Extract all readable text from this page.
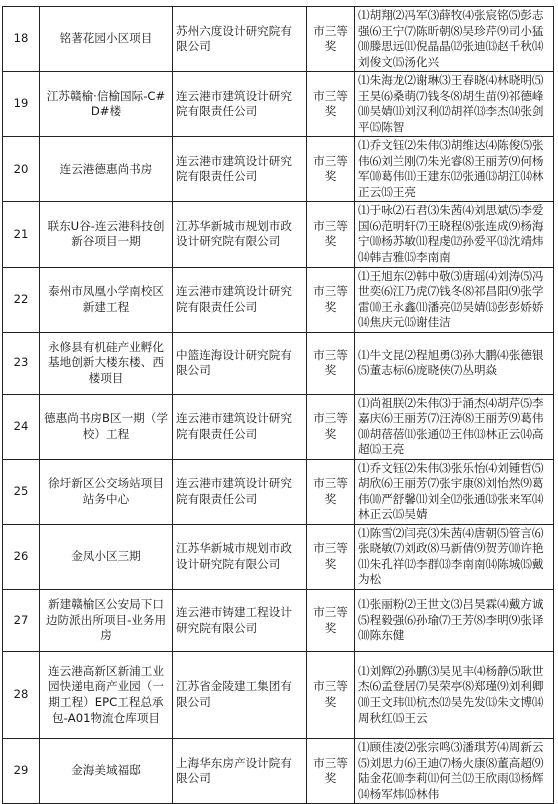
18	铭著花园小区项目	苏州六度设计研究院有限公司	市三等奖	⑴胡翔⑵冯军⑶薛牧⑷张宸铭⑸彭志强⑹王宁⑺陈昕朝⑻吴珍芹⑼司小猛⑽滕思远⑾倪晶晶⑿张迪⒀赵千秋⒁刘俊文⒂汤化兴
19	江苏赣榆·信榆国际-C#D#楼	连云港市建筑设计研究院有限责任公司	市三等奖	⑴朱海龙⑵谢琳⑶王春晓⑷林晓明⑸王昊⑹桑萌⑺钱冬⑻胡生苗⑼祁德峰⑽吴婧⑾刘汉利⑿胡祥⒀李杰⒁张剑平⒂陈智
20	连云港德惠尚书房	连云港市建筑设计研究院有限责任公司	市三等奖	⑴乔文钰⑵朱伟⑶胡维达⑷陈俊⑸张伟⑹刘兰刚⑺朱光睿⑻王丽芳⑼何杨军⑽葛伟⑾王建东⑿张通⒀胡江⒁林正云⒂王亮
21	联东U谷-连云港科技创新谷项目一期	江苏华新城市规划市政设计研究院有限公司	市三等奖	⑴于咏⑵石君⑶朱茜⑷刘思斌⑸李爱国⑹范明轩⑺王晓程⑻张连成⑼杨海宁⑽杨苏敏⑾程虔⑿孙爱平⒀沈靖炜⒁韩吉雅⒂李南南
22	泰州市凤凰小学南校区新建工程	连云港市建筑设计研究院有限责任公司	市三等奖	⑴王旭东⑵韩中敬⑶唐瑶⑷刘涛⑸冯世奕⑹江乃虎⑺钱冬⑻祁昌阳⑼张学雷⑽王永鑫⑾潘亮⑿吴婧⒀彭彭娇娇⒁焦庆元⒂谢佳洁
23	永修县有机硅产业孵化基地创新大楼东楼、西楼项目	中篮连海设计研究院有限公司	市三等奖	⑴牛文昆⑵程旭勇⑶孙大鹏⑷张德银⑸董志标⑹庞晓侠⑺丛明焱
24	德惠尚书房B区一期（学校）工程	连云港市建筑设计研究院有限责任公司	市三等奖	⑴尚祖朕⑵朱伟⑶于涌杰⑷胡芹⑸李嘉庆⑹王丽芳⑺汪涛⑻王丽芳⑼葛伟⑽胡蓓蓓⑾张通⑿王伟⒀林正云⒁高超⒂王亮
25	徐圩新区公交场站项目站务中心	连云港市建筑设计研究院有限责任公司	市三等奖	⑴乔文钰⑵朱伟⑶张乐怡⑷刘锺哲⑸胡欣⑹王丽芳⑺张宇康⑻刘怡然⑼葛伟⑽严舒馨⑾刘全⑿张通⒀张来军⒁林正云⒂吴婧
26	金凤小区三期	江苏华新城市规划市政设计研究院有限公司	市三等奖	⑴陈雪⑵闫亮⑶朱茜⑷唐朝⑸管言⑹张晓敏⑺刘政⑻马新倩⑼贺芳⑽许艳⑾朱孔祥⑿李群⒀李南南⒁陈城⒂戴为松
27	新建赣榆区公安局下口边防派出所项目-业务用房	连云港市铸建工程设计研究院有限公司	市三等奖	⑴张丽粉⑵王世文⑶吕昊霖⑷戴方诚⑸程毅强⑹孙瑜⑺王芳⑻李明⑼张译⑽陈东健
28	连云港高新区新浦工业园快递电商产业园（一期工程）EPC工程总承包-A01物流仓库项目	江苏省金陵建工集团有限公司	市三等奖	⑴刘辉⑵孙鹏⑶吴见丰⑷杨静⑸耿世杰⑹孟登居⑺吴荣亭⑻郑瑾⑼刘利卿⑽王文玮⑾杭杰⑿吴先发⒀朱文博⒁周秋红⒂王云
29	金海美域福邸	上海华东房产设计院有限公司	市三等奖	⑴顾佳凌⑵张宗鸣⑶潘琪芳⑷周新云⑸刘思力⑹王迪⑺杨火康⑻董高超⑼陆金花⑽李莉⑾何兰⑿王欣雨⒀杨辉⒁杨军炜⒂林伟
